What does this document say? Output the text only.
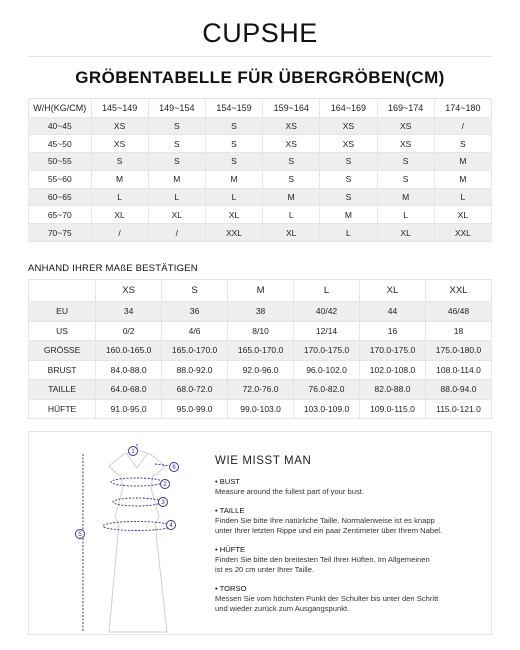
CUPSHE
GRÖBENTABELLE FÜR ÜBERGRÖBEN(CM)
W/H(KG/CM)	145~149	149~154	154~159	159~164	164~169	169~174	174~180
40~45	XS	S	S	XS	XS	XS	/
45~50	XS	S	S	XS	XS	XS	S
50~55	S	S	S	S	S	S	M
55~60	M	M	M	S	S	S	M
60~65	L	L	L	M	S	M	L
65~70	XL	XL	XL	L	M	L	XL
70~75	/	/	XXL	XL	L	XL	XXL
ANHAND IHRER MAßE BESTÄTIGEN
	XS	S	M	L	XL	XXL
EU	34	36	38	40/42	44	46/48
US	0/2	4/6	8/10	12/14	16	18
GRÖSSE	160.0-165.0	165.0-170.0	165.0-170.0	170.0-175.0	170.0-175.0	175.0-180.0
BRUST	84.0-88.0	88.0-92.0	92.0-96.0	96.0-102.0	102.0-108.0	108.0-114.0
TAILLE	64.0-68.0	68.0-72.0	72.0-76.0	76.0-82.0	82.0-88.0	88.0-94.0
HÜFTE	91.0-95.0	95.0-99.0	99.0-103.0	103.0-109.0	109.0-115.0	115.0-121.0
1
2
3
4
5
6
WIE MISST MAN
• BUST
Measure around the fullest part of your bust.
• TAILLE
Finden Sie bitte Ihre natürliche Taille. Normalerweise ist es knapp
unter Ihrer letzten Rippe und ein paar Zentimeter über Ihrem Nabel.
• HÜFTE
Finden Sie bitte den breitesten Teil Ihrer Hüften. Im Allgemeinen
ist es 20 cm unter Ihrer Taille.
• TORSO
Messen Sie vom höchsten Punkt der Schulter bis unter den Schritt
und wieder zurück zum Ausgangspunkt.
